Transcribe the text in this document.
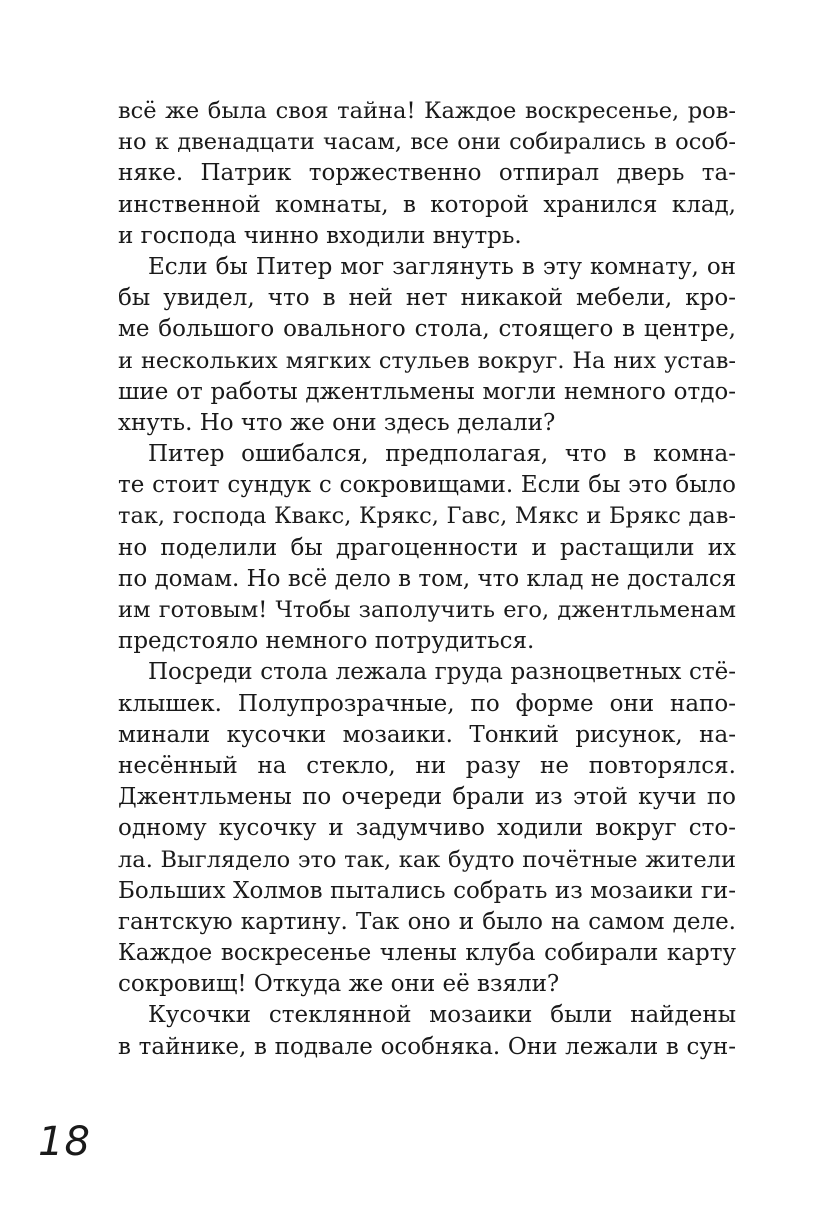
всё же была своя тайна! Каждое воскресенье, ров-
но к двенадцати часам, все они собирались в особ-
няке. Патрик торжественно отпирал дверь та-
инственной комнаты, в которой хранился клад,
и господа чинно входили внутрь.
Если бы Питер мог заглянуть в эту комнату, он
бы увидел, что в ней нет никакой мебели, кро-
ме большого овального стола, стоящего в центре,
и нескольких мягких стульев вокруг. На них устав-
шие от работы джентльмены могли немного отдо-
хнуть. Но что же они здесь делали?
Питер ошибался, предполагая, что в комна-
те стоит сундук с сокровищами. Если бы это было
так, господа Квакс, Крякс, Гавс, Мякс и Брякс дав-
но поделили бы драгоценности и растащили их
по домам. Но всё дело в том, что клад не достался
им готовым! Чтобы заполучить его, джентльменам
предстояло немного потрудиться.
Посреди стола лежала груда разноцветных стё-
клышек. Полупрозрачные, по форме они напо-
минали кусочки мозаики. Тонкий рисунок, на-
несённый на стекло, ни разу не повторялся.
Джентльмены по очереди брали из этой кучи по
одному кусочку и задумчиво ходили вокруг сто-
ла. Выглядело это так, как будто почётные жители
Больших Холмов пытались собрать из мозаики ги-
гантскую картину. Так оно и было на самом деле.
Каждое воскресенье члены клуба собирали карту
сокровищ! Откуда же они её взяли?
Кусочки стеклянной мозаики были найдены
в тайнике, в подвале особняка. Они лежали в сун-
18
